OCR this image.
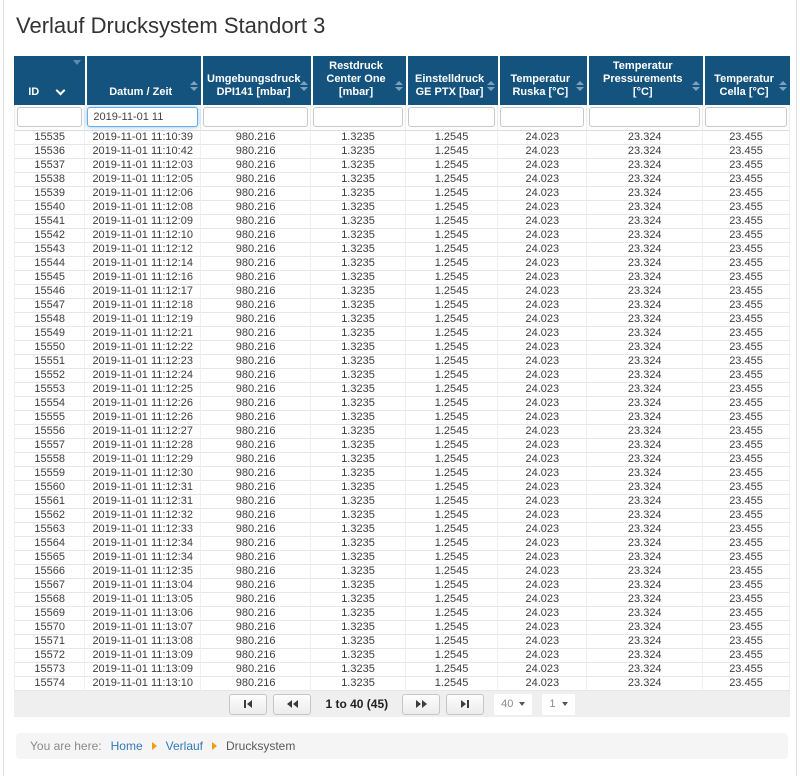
Verlauf Drucksystem Standort 3
ID	Datum / Zeit	Umgebungsdruck DPI141 [mbar]	Restdruck Center One [mbar]	Einstelldruck GE PTX [bar]	Temperatur Ruska [°C]	Temperatur Pressurements [°C]	Temperatur Cella [°C]

	2019-11-01 11						
15535	2019-11-01 11:10:39	980.216	1.3235	1.2545	24.023	23.324	23.455
15536	2019-11-01 11:10:42	980.216	1.3235	1.2545	24.023	23.324	23.455
15537	2019-11-01 11:12:03	980.216	1.3235	1.2545	24.023	23.324	23.455
15538	2019-11-01 11:12:05	980.216	1.3235	1.2545	24.023	23.324	23.455
15539	2019-11-01 11:12:06	980.216	1.3235	1.2545	24.023	23.324	23.455
15540	2019-11-01 11:12:08	980.216	1.3235	1.2545	24.023	23.324	23.455
15541	2019-11-01 11:12:09	980.216	1.3235	1.2545	24.023	23.324	23.455
15542	2019-11-01 11:12:10	980.216	1.3235	1.2545	24.023	23.324	23.455
15543	2019-11-01 11:12:12	980.216	1.3235	1.2545	24.023	23.324	23.455
15544	2019-11-01 11:12:14	980.216	1.3235	1.2545	24.023	23.324	23.455
15545	2019-11-01 11:12:16	980.216	1.3235	1.2545	24.023	23.324	23.455
15546	2019-11-01 11:12:17	980.216	1.3235	1.2545	24.023	23.324	23.455
15547	2019-11-01 11:12:18	980.216	1.3235	1.2545	24.023	23.324	23.455
15548	2019-11-01 11:12:19	980.216	1.3235	1.2545	24.023	23.324	23.455
15549	2019-11-01 11:12:21	980.216	1.3235	1.2545	24.023	23.324	23.455
15550	2019-11-01 11:12:22	980.216	1.3235	1.2545	24.023	23.324	23.455
15551	2019-11-01 11:12:23	980.216	1.3235	1.2545	24.023	23.324	23.455
15552	2019-11-01 11:12:24	980.216	1.3235	1.2545	24.023	23.324	23.455
15553	2019-11-01 11:12:25	980.216	1.3235	1.2545	24.023	23.324	23.455
15554	2019-11-01 11:12:26	980.216	1.3235	1.2545	24.023	23.324	23.455
15555	2019-11-01 11:12:26	980.216	1.3235	1.2545	24.023	23.324	23.455
15556	2019-11-01 11:12:27	980.216	1.3235	1.2545	24.023	23.324	23.455
15557	2019-11-01 11:12:28	980.216	1.3235	1.2545	24.023	23.324	23.455
15558	2019-11-01 11:12:29	980.216	1.3235	1.2545	24.023	23.324	23.455
15559	2019-11-01 11:12:30	980.216	1.3235	1.2545	24.023	23.324	23.455
15560	2019-11-01 11:12:31	980.216	1.3235	1.2545	24.023	23.324	23.455
15561	2019-11-01 11:12:31	980.216	1.3235	1.2545	24.023	23.324	23.455
15562	2019-11-01 11:12:32	980.216	1.3235	1.2545	24.023	23.324	23.455
15563	2019-11-01 11:12:33	980.216	1.3235	1.2545	24.023	23.324	23.455
15564	2019-11-01 11:12:34	980.216	1.3235	1.2545	24.023	23.324	23.455
15565	2019-11-01 11:12:34	980.216	1.3235	1.2545	24.023	23.324	23.455
15566	2019-11-01 11:12:35	980.216	1.3235	1.2545	24.023	23.324	23.455
15567	2019-11-01 11:13:04	980.216	1.3235	1.2545	24.023	23.324	23.455
15568	2019-11-01 11:13:05	980.216	1.3235	1.2545	24.023	23.324	23.455
15569	2019-11-01 11:13:06	980.216	1.3235	1.2545	24.023	23.324	23.455
15570	2019-11-01 11:13:07	980.216	1.3235	1.2545	24.023	23.324	23.455
15571	2019-11-01 11:13:08	980.216	1.3235	1.2545	24.023	23.324	23.455
15572	2019-11-01 11:13:09	980.216	1.3235	1.2545	24.023	23.324	23.455
15573	2019-11-01 11:13:09	980.216	1.3235	1.2545	24.023	23.324	23.455
15574	2019-11-01 11:13:10	980.216	1.3235	1.2545	24.023	23.324	23.455
1 to 40 (45)	40	1
You are here: Home Verlauf Drucksystem
